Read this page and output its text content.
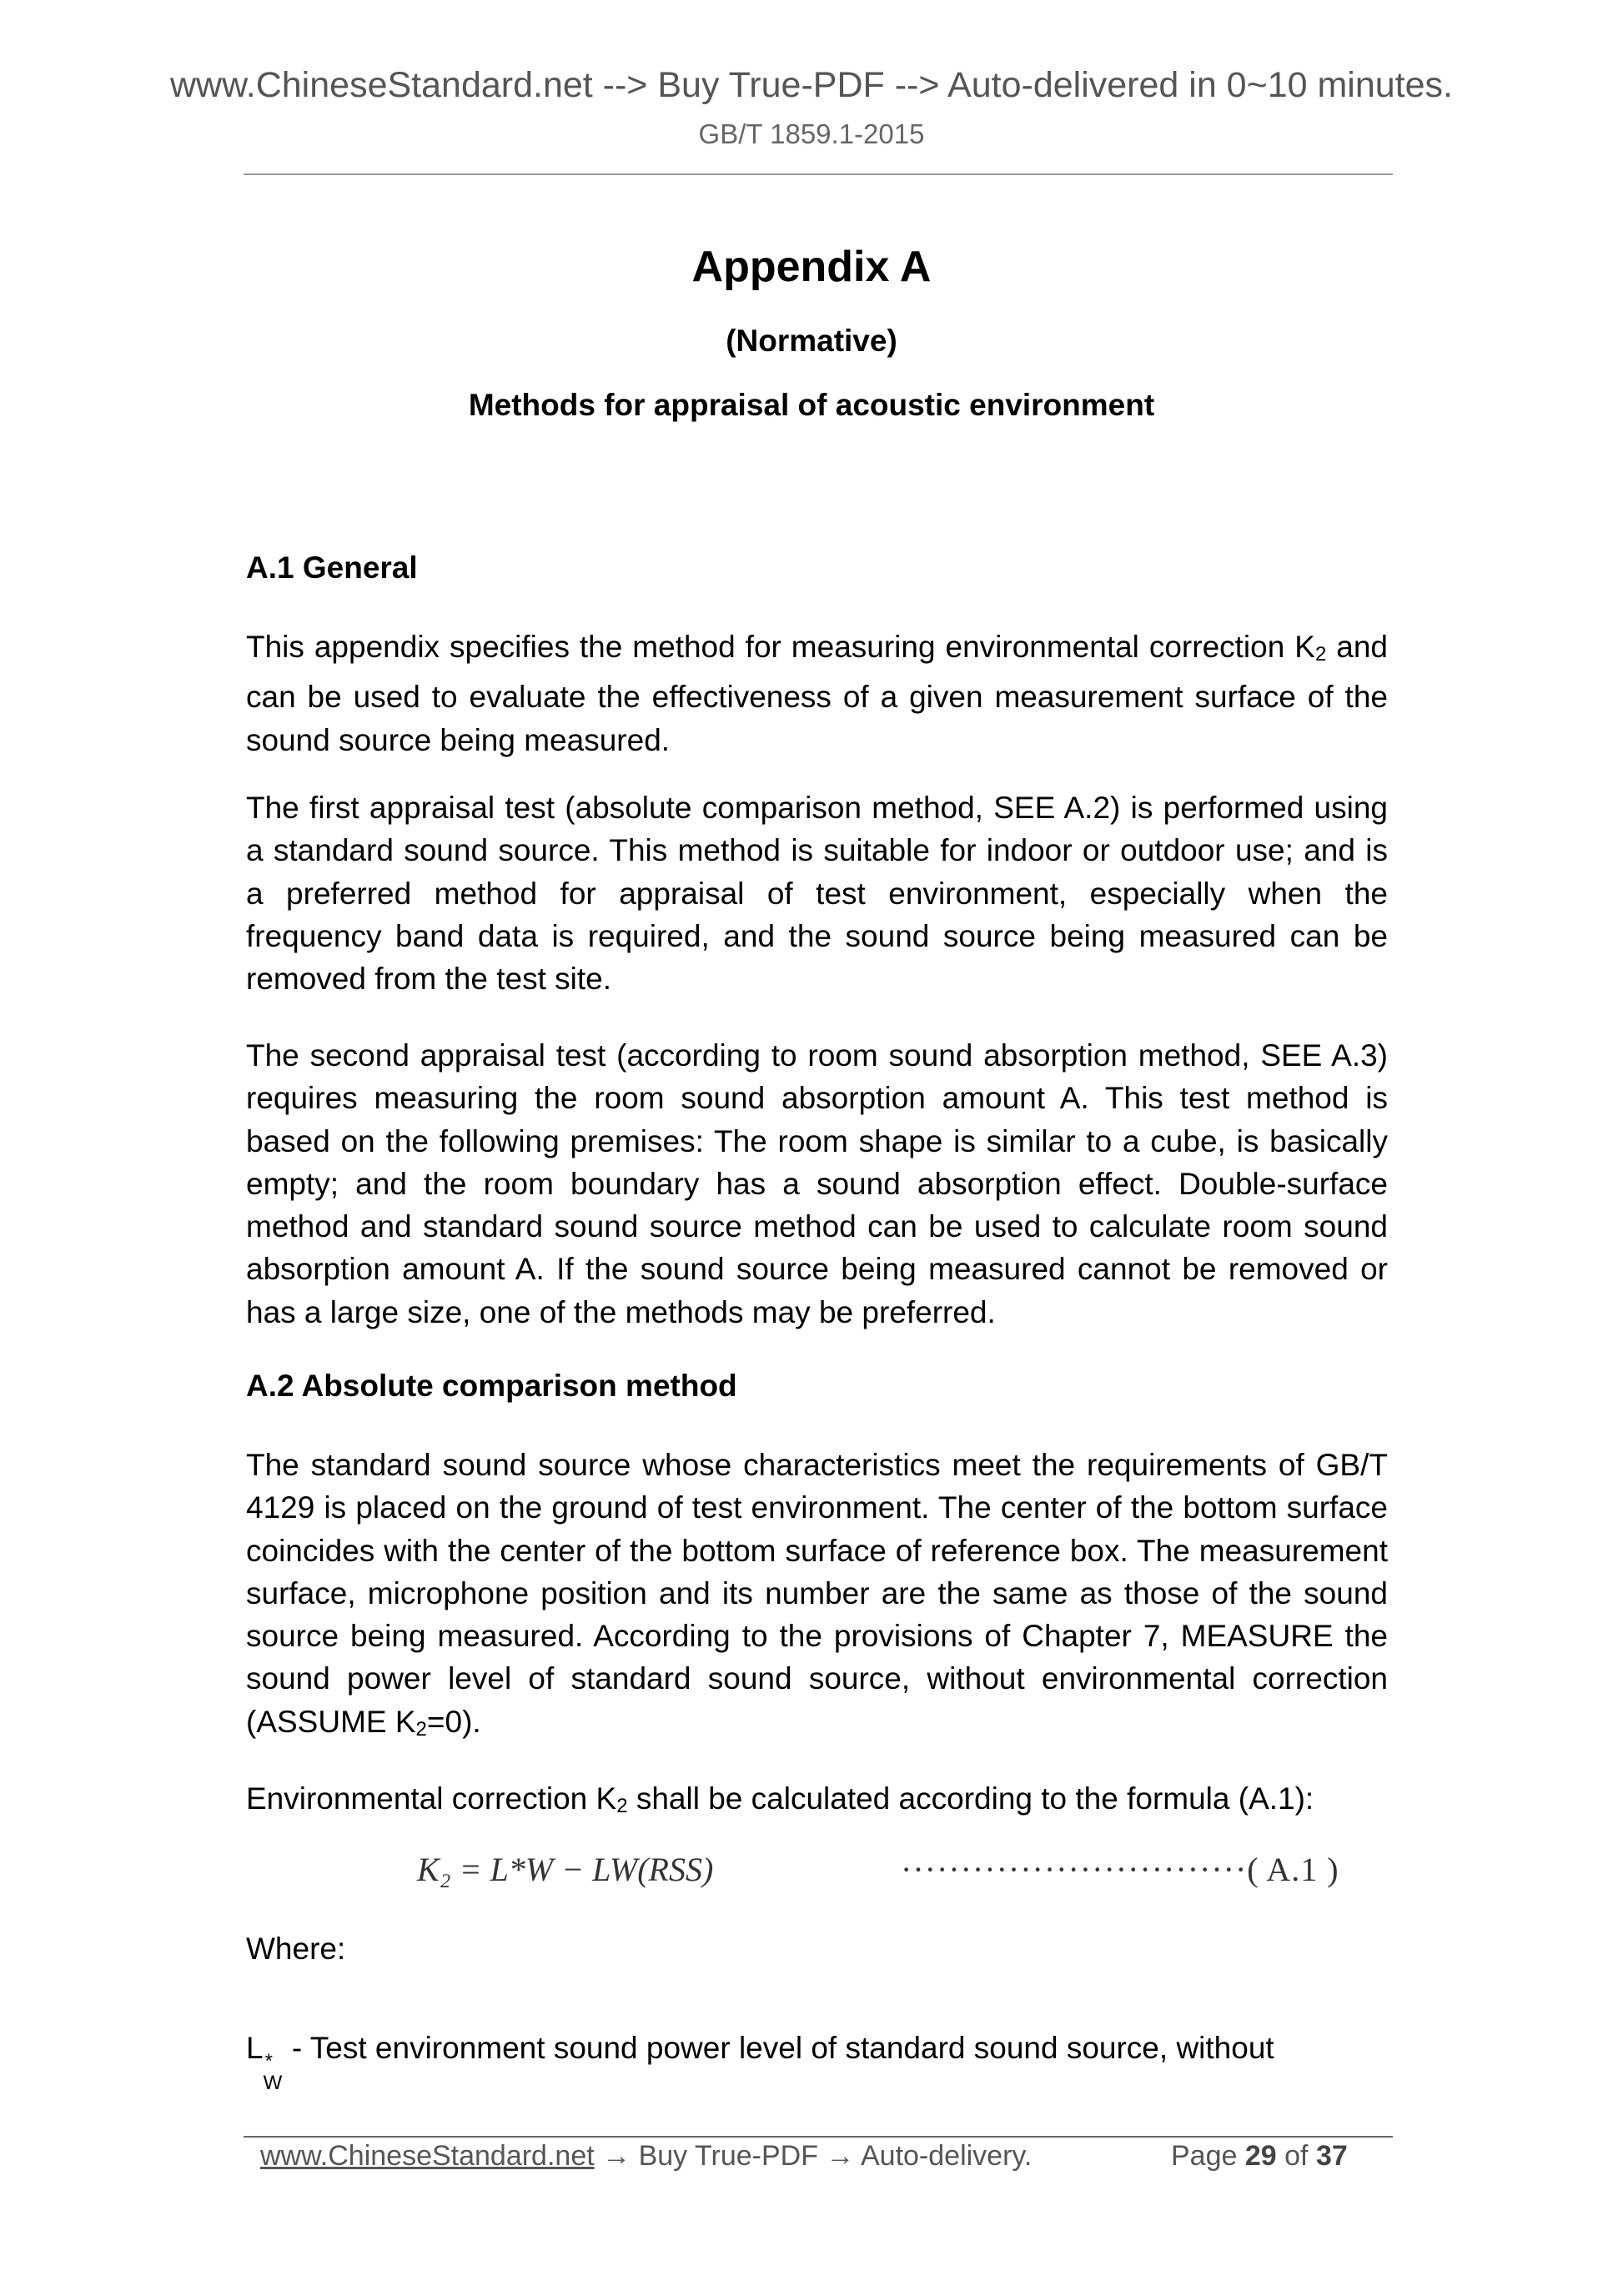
www.ChineseStandard.net --> Buy True-PDF --> Auto-delivered in 0~10 minutes.
GB/T 1859.1-2015
Appendix A
(Normative)
Methods for appraisal of acoustic environment
A.1 General
This appendix specifies the method for measuring environmental correction $K_2$ and can be used to evaluate the effectiveness of a given measurement surface of the sound source being measured.
The first appraisal test (absolute comparison method, SEE A.2) is performed using a standard sound source. This method is suitable for indoor or outdoor use; and is a preferred method for appraisal of test environment, especially when the frequency band data is required, and the sound source being measured can be removed from the test site.
The second appraisal test (according to room sound absorption method, SEE A.3) requires measuring the room sound absorption amount A. This test method is based on the following premises: The room shape is similar to a cube, is basically empty; and the room boundary has a sound absorption effect. Double-surface method and standard sound source method can be used to calculate room sound absorption amount A. If the sound source being measured cannot be removed or has a large size, one of the methods may be preferred.
A.2 Absolute comparison method
The standard sound source whose characteristics meet the requirements of GB/T 4129 is placed on the ground of test environment. The center of the bottom surface coincides with the center of the bottom surface of reference box. The measurement surface, microphone position and its number are the same as those of the sound source being measured. According to the provisions of Chapter 7, MEASURE the sound power level of standard sound source, without environmental correction (ASSUME $K_2=0$).
Environmental correction $K_2$ shall be calculated according to the formula (A.1):
K₂ = L*W − LW(RSS)	·····························( A.1 )
Where:
L *
W
- Test environment sound power level of standard sound source, without
www.ChineseStandard.net → Buy True-PDF → Auto-delivery.	Page 29 of 37
